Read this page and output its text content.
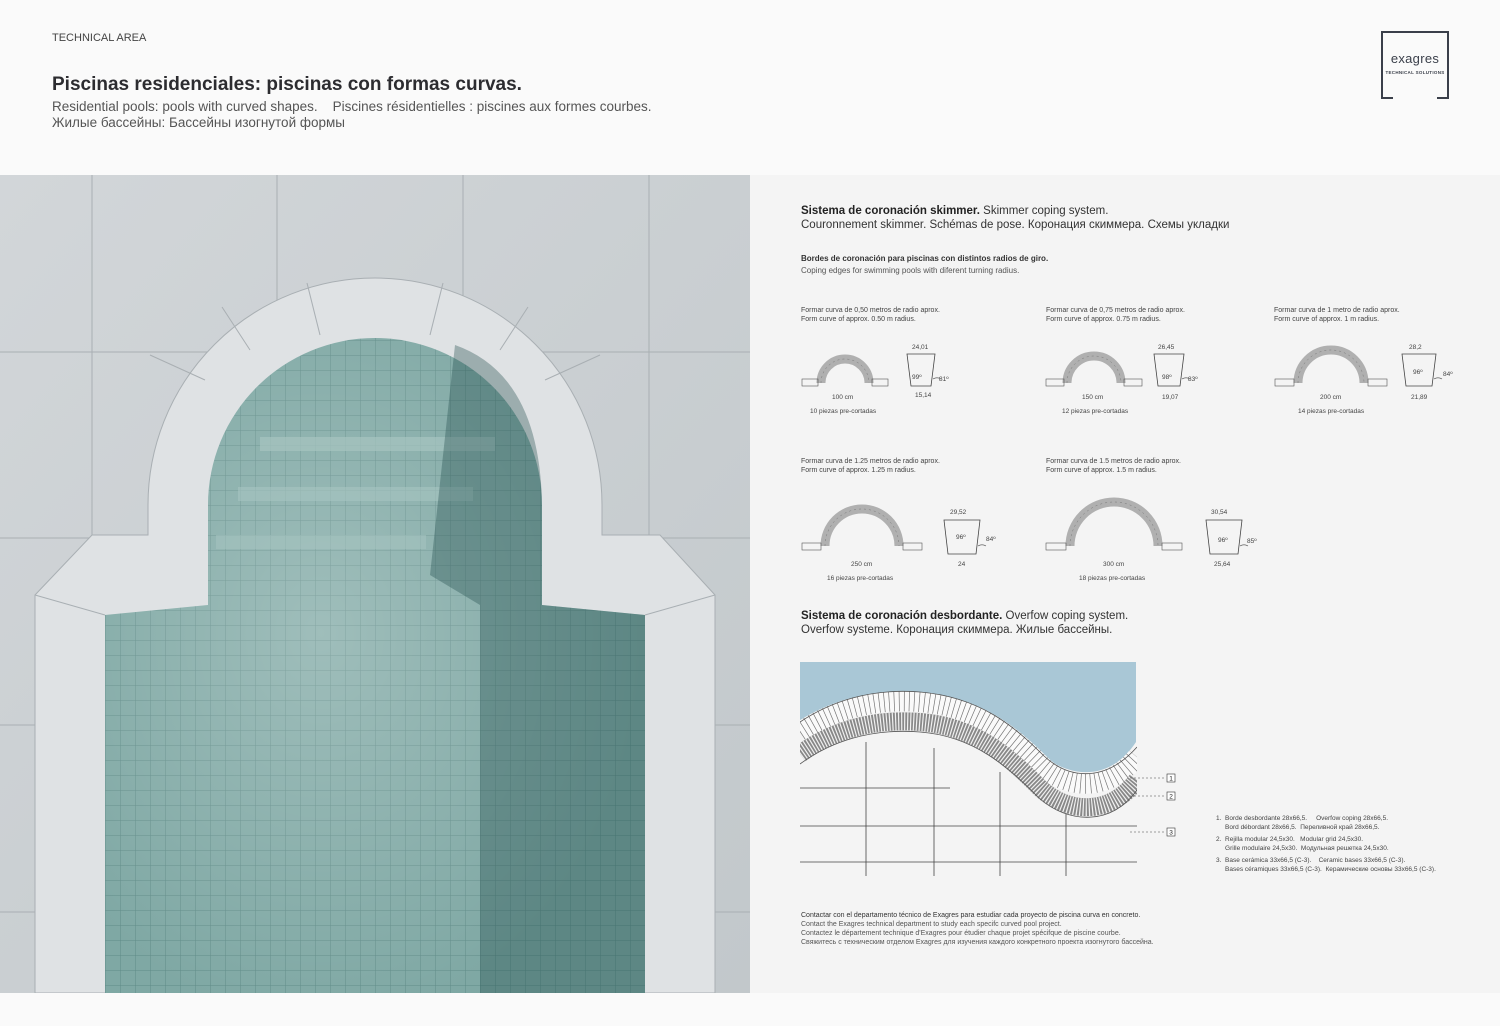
TECHNICAL AREA
Piscinas residenciales: piscinas con formas curvas.
Residential pools: pools with curved shapes.    Piscines résidentielles : piscines aux formes courbes.
Жилые бассейны: Бассейны изогнутой формы
exagres
TECHNICAL SOLUTIONS
Sistema de coronación skimmer. Skimmer coping system.
Couronnement skimmer. Schémas de pose. Коронация скиммера. Схемы укладки
Bordes de coronación para piscinas con distintos radios de giro.
Coping edges for swimming pools with diferent turning radius.
Formar curva de 0,50 metros de radio aprox.
Form curve of approx. 0.50 m radius.
100 cm
10 piezas pre-cortadas
24,01
99º	81º
15,14
Formar curva de 0,75 metros de radio aprox.
Form curve of approx. 0.75 m radius.
150 cm
12 piezas pre-cortadas
26,45
98º	83º
19,07
Formar curva de 1 metro de radio aprox.
Form curve of approx. 1 m radius.
200 cm
14 piezas pre-cortadas
28,2
96º	84º
21,89
Formar curva de 1.25 metros de radio aprox.
Form curve of approx. 1.25 m radius.
250 cm
16 piezas pre-cortadas
29,52
96º	84º
24
Formar curva de 1.5 metros de radio aprox.
Form curve of approx. 1.5 m radius.
300 cm
18 piezas pre-cortadas
30,54
96º	85º
25,64
Sistema de coronación desbordante. Overfow coping system.
Overfow systeme. Коронация скиммера. Жилые бассейны.
1
2
3
1.  Borde desbordante 28x66,5.     Overfow coping 28x66,5.
Bord débordant 28x66,5.  Переливной край 28x66,5.
2.  Rejilla modular 24,5x30.   Modular grid 24,5x30.
Grille modulaire 24,5x30.  Модульная решетка 24,5x30.
3.  Base cerámica 33x66,5 (C-3).    Ceramic bases 33x66,5 (C-3).
Bases céramiques 33x66,5 (C-3).  Керамические основы 33x66,5 (C-3).
Contactar con el departamento técnico de Exagres para estudiar cada proyecto de piscina curva en concreto.
Contact the Exagres technical department to study each specifc curved pool project.
Contactez le département technique d'Exagres pour étudier chaque projet spécifque de piscine courbe.
Свяжитесь с техническим отделом Exagres для изучения каждого конкретного проекта изогнутого бассейна.
